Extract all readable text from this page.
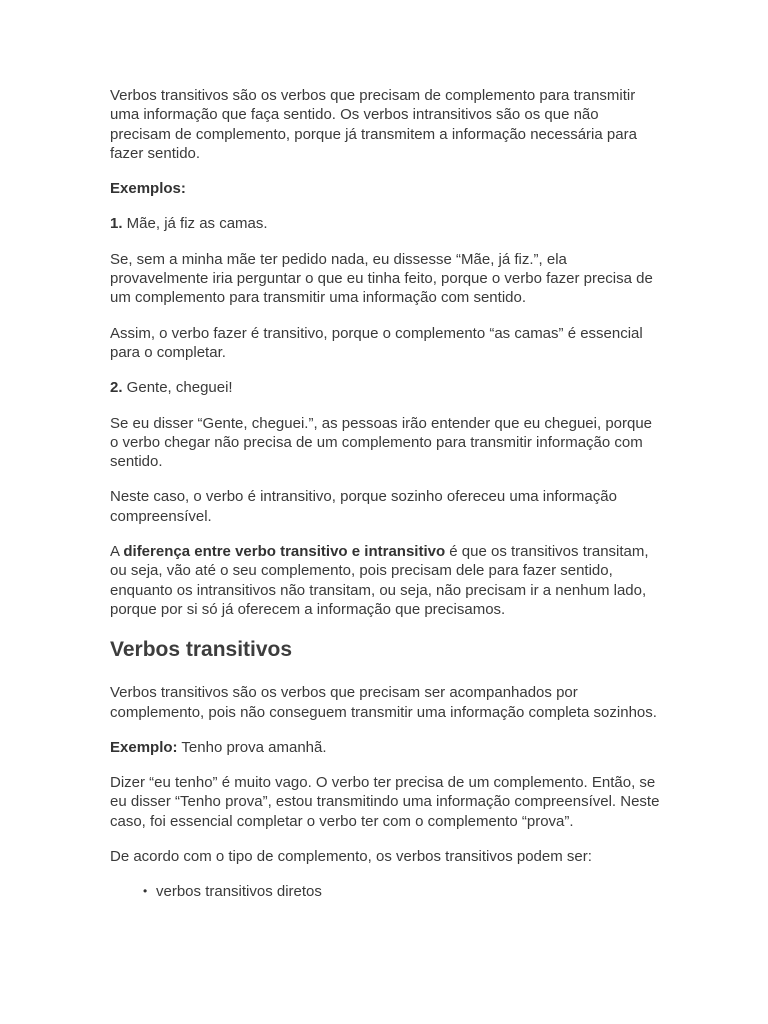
Verbos transitivos são os verbos que precisam de complemento para transmitir uma informação que faça sentido. Os verbos intransitivos são os que não precisam de complemento, porque já transmitem a informação necessária para fazer sentido.

Exemplos:

1. Mãe, já fiz as camas.

Se, sem a minha mãe ter pedido nada, eu dissesse “Mãe, já fiz.”, ela provavelmente iria perguntar o que eu tinha feito, porque o verbo fazer precisa de um complemento para transmitir uma informação com sentido.

Assim, o verbo fazer é transitivo, porque o complemento “as camas” é essencial para o completar.

2. Gente, cheguei!

Se eu disser “Gente, cheguei.”, as pessoas irão entender que eu cheguei, porque o verbo chegar não precisa de um complemento para transmitir informação com sentido.

Neste caso, o verbo é intransitivo, porque sozinho ofereceu uma informação compreensível.

A diferença entre verbo transitivo e intransitivo é que os transitivos transitam, ou seja, vão até o seu complemento, pois precisam dele para fazer sentido, enquanto os intransitivos não transitam, ou seja, não precisam ir a nenhum lado, porque por si só já oferecem a informação que precisamos.

Verbos transitivos

Verbos transitivos são os verbos que precisam ser acompanhados por complemento, pois não conseguem transmitir uma informação completa sozinhos.

Exemplo: Tenho prova amanhã.

Dizer “eu tenho” é muito vago. O verbo ter precisa de um complemento. Então, se eu disser “Tenho prova”, estou transmitindo uma informação compreensível. Neste caso, foi essencial completar o verbo ter com o complemento “prova”.

De acordo com o tipo de complemento, os verbos transitivos podem ser:

• verbos transitivos diretos
